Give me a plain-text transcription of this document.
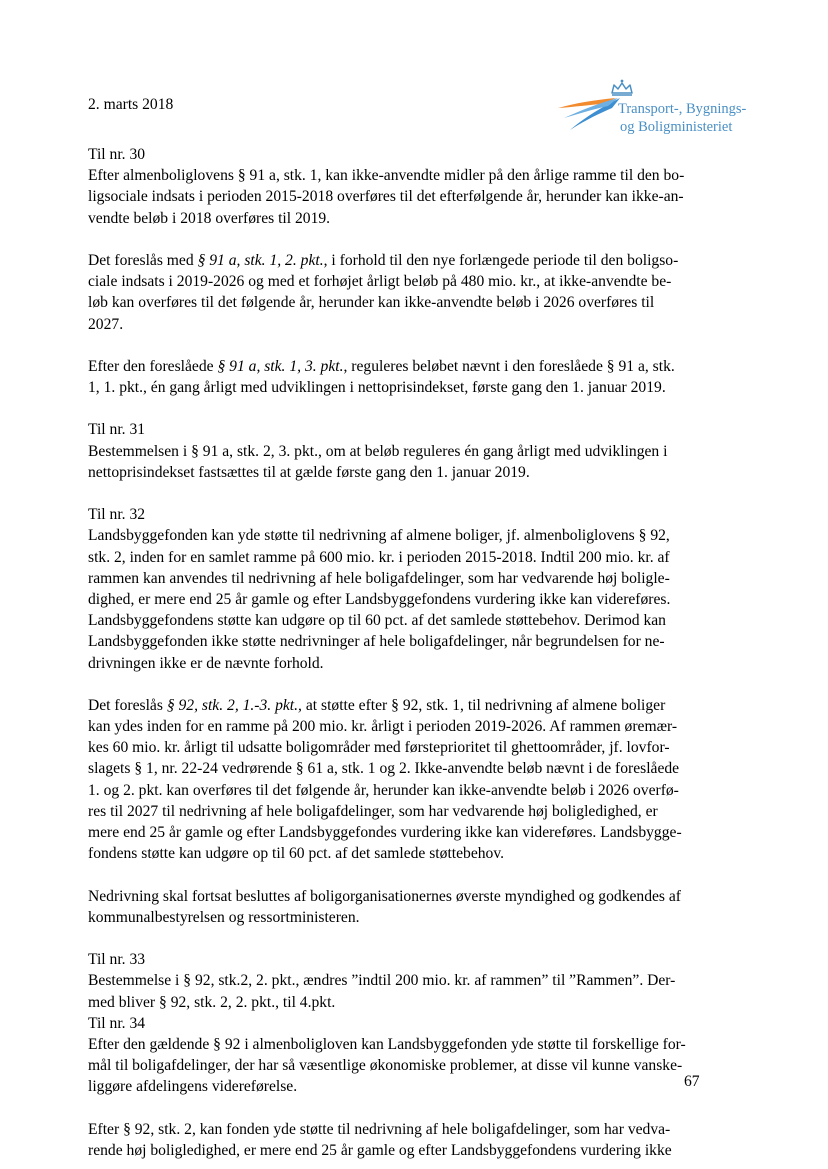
2. marts 2018	Transport-, Bygnings-
og Boligministeriet
Til nr. 30
Efter almenboliglovens § 91 a, stk. 1, kan ikke-anvendte midler på den årlige ramme til den bo-
ligsociale indsats i perioden 2015-2018 overføres til det efterfølgende år, herunder kan ikke-an-
vendte beløb i 2018 overføres til 2019.
Det foreslås med § 91 a, stk. 1, 2. pkt., i forhold til den nye forlængede periode til den boligso-
ciale indsats i 2019-2026 og med et forhøjet årligt beløb på 480 mio. kr., at ikke-anvendte be-
løb kan overføres til det følgende år, herunder kan ikke-anvendte beløb i 2026 overføres til
2027.
Efter den foreslåede § 91 a, stk. 1, 3. pkt., reguleres beløbet nævnt i den foreslåede § 91 a, stk.
1, 1. pkt., én gang årligt med udviklingen i nettoprisindekset, første gang den 1. januar 2019.
Til nr. 31
Bestemmelsen i § 91 a, stk. 2, 3. pkt., om at beløb reguleres én gang årligt med udviklingen i
nettoprisindekset fastsættes til at gælde første gang den 1. januar 2019.
Til nr. 32
Landsbyggefonden kan yde støtte til nedrivning af almene boliger, jf. almenboliglovens § 92,
stk. 2, inden for en samlet ramme på 600 mio. kr. i perioden 2015-2018. Indtil 200 mio. kr. af
rammen kan anvendes til nedrivning af hele boligafdelinger, som har vedvarende høj boligle-
dighed, er mere end 25 år gamle og efter Landsbyggefondens vurdering ikke kan videreføres.
Landsbyggefondens støtte kan udgøre op til 60 pct. af det samlede støttebehov. Derimod kan
Landsbyggefonden ikke støtte nedrivninger af hele boligafdelinger, når begrundelsen for ne-
drivningen ikke er de nævnte forhold.
Det foreslås § 92, stk. 2, 1.-3. pkt., at støtte efter § 92, stk. 1, til nedrivning af almene boliger
kan ydes inden for en ramme på 200 mio. kr. årligt i perioden 2019-2026. Af rammen øremær-
kes 60 mio. kr. årligt til udsatte boligområder med førsteprioritet til ghettoområder, jf. lovfor-
slagets § 1, nr. 22-24 vedrørende § 61 a, stk. 1 og 2. Ikke-anvendte beløb nævnt i de foreslåede
1. og 2. pkt. kan overføres til det følgende år, herunder kan ikke-anvendte beløb i 2026 overfø-
res til 2027 til nedrivning af hele boligafdelinger, som har vedvarende høj boligledighed, er
mere end 25 år gamle og efter Landsbyggefondes vurdering ikke kan videreføres. Landsbygge-
fondens støtte kan udgøre op til 60 pct. af det samlede støttebehov.
Nedrivning skal fortsat besluttes af boligorganisationernes øverste myndighed og godkendes af
kommunalbestyrelsen og ressortministeren.
Til nr. 33
Bestemmelse i § 92, stk.2, 2. pkt., ændres ”indtil 200 mio. kr. af rammen” til ”Rammen”. Der-
med bliver § 92, stk. 2, 2. pkt., til 4.pkt.
Til nr. 34
Efter den gældende § 92 i almenboligloven kan Landsbyggefonden yde støtte til forskellige for-
mål til boligafdelinger, der har så væsentlige økonomiske problemer, at disse vil kunne vanske-
liggøre afdelingens videreførelse.
Efter § 92, stk. 2, kan fonden yde støtte til nedrivning af hele boligafdelinger, som har vedva-
rende høj boligledighed, er mere end 25 år gamle og efter Landsbyggefondens vurdering ikke
67
